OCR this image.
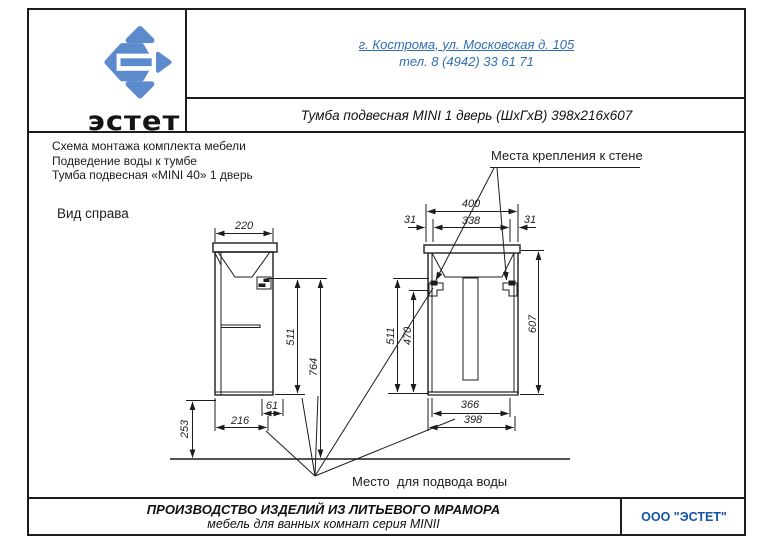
эстет
г. Кострома, ул. Московская д. 105
тел. 8 (4942) 33 61 71
Тумба подвесная MINI 1 дверь (ШхГхВ) 398х216х607
Схема монтажа комплекта мебели
Подведение воды к тумбе
Тумба подвесная «MINI 40» 1 дверь
Вид справа
220
511
764
61
216
253
400
338
31	31
511 470
607
366
398
Места крепления к стене
Место  для подвода воды
ПРОИЗВОДСТВО ИЗДЕЛИЙ ИЗ ЛИТЬЕВОГО МРАМОРА
мебель для ванных комнат серия MINII
ООО "ЭСТЕТ"
